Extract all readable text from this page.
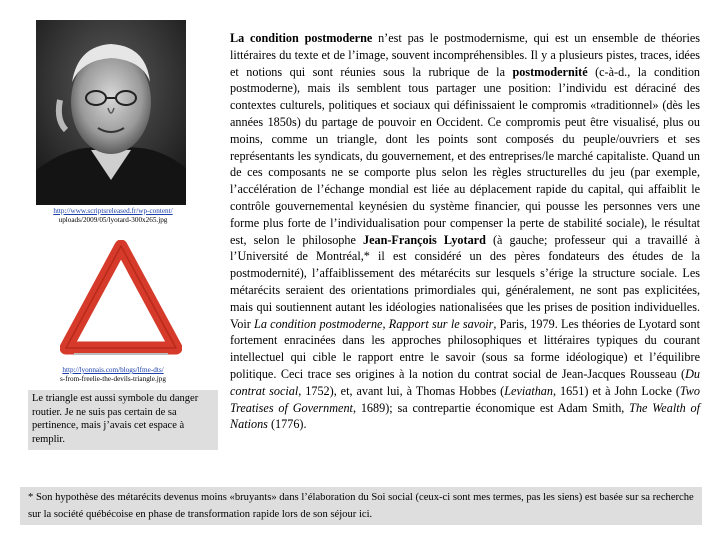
http://www.scriptsreleased.fr/wp-content/
uploads/2009/05/lyotard-300x265.jpg
http://lyonnais.com/blogs/lfme-dts/
s-from-freelie-the-devils-triangle.jpg
Le triangle est aussi symbole du danger routier. Je ne suis pas certain de sa pertinence, mais j’avais cet espace à remplir.

La condition postmoderne n’est pas le postmodernisme, qui est un ensemble de théories littéraires du texte et de l’image, souvent incompréhensibles. Il y a plusieurs pistes, traces, idées et notions qui sont réunies sous la rubrique de la postmodernité (c-à-d., la condition postmoderne), mais ils semblent tous partager une position: l’individu est déraciné des contextes culturels, politiques et sociaux qui définissaient le compromis «traditionnel» (dès les années 1850s) du partage de pouvoir en Occident. Ce compromis peut être visualisé, plus ou moins, comme un triangle, dont les points sont composés du peuple/ouvriers et ses représentants les syndicats, du gouvernement, et des entreprises/le marché capitaliste. Quand un de ces composants ne se comporte plus selon les règles structurelles du jeu (par exemple, l’accélération de l’échange mondial est liée au déplacement rapide du capital, qui affaiblit le contrôle gouvernemental keynésien du système financier, qui pousse les personnes vers une forme plus forte de l’individualisation pour compenser la perte de stabilité sociale), le résultat est, selon le philosophe Jean-François Lyotard (à gauche; professeur qui a travaillé à l’Université de Montréal,* il est considéré un des pères fondateurs des études de la postmodernité), l’affaiblissement des métarécits sur lesquels s’érige la structure sociale. Les métarécits seraient des orientations primordiales qui, généralement, ne sont pas explicitées, mais qui soutiennent autant les idéologies nationalisées que les prises de position individuelles. Voir La condition postmoderne, Rapport sur le savoir, Paris, 1979. Les théories de Lyotard sont fortement enracinées dans les approches philosophiques et littéraires typiques du courant intellectuel qui cible le rapport entre le savoir (sous sa forme idéologique) et l’équilibre politique. Ceci trace ses origines à la notion du contrat social de Jean-Jacques Rousseau (Du contrat social, 1752), et, avant lui, à Thomas Hobbes (Leviathan, 1651) et à John Locke (Two Treatises of Government, 1689); sa contrepartie économique est Adam Smith, The Wealth of Nations (1776).

* Son hypothèse des métarécits devenus moins «bruyants» dans l’élaboration du Soi social (ceux-ci sont mes termes, pas les siens) est basée sur sa recherche sur la société québécoise en phase de transformation rapide lors de son séjour ici.
